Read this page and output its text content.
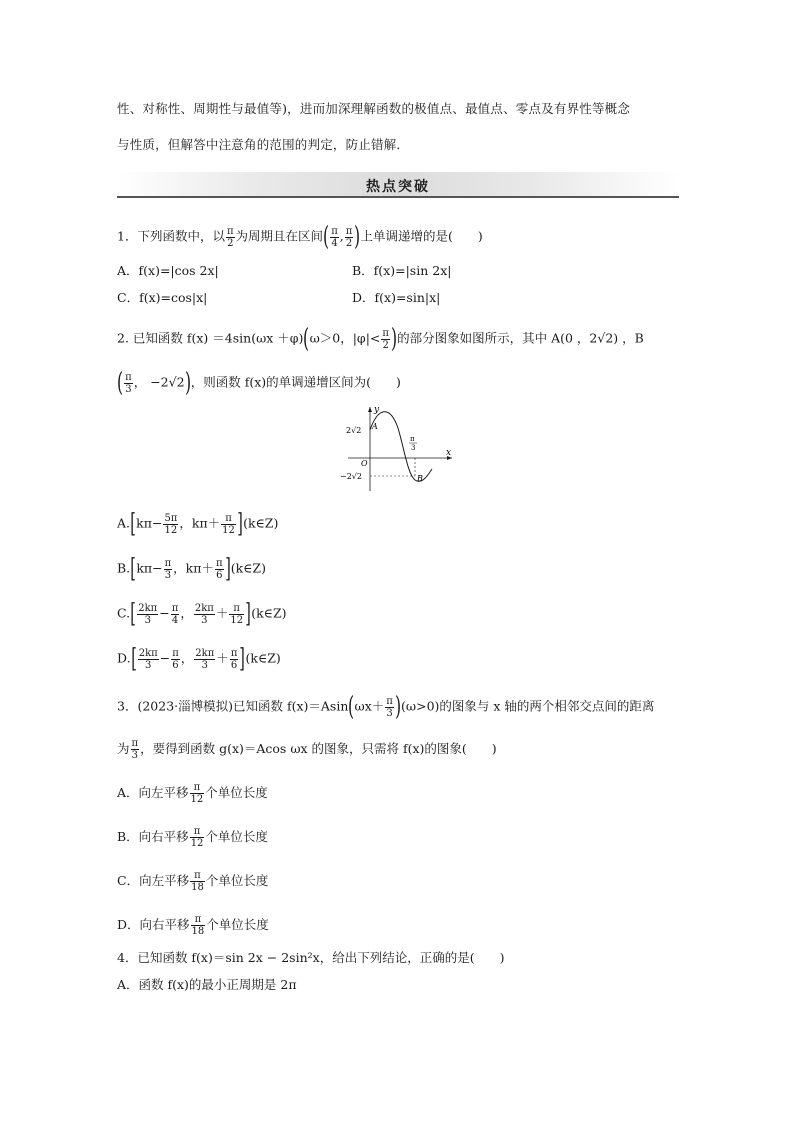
性、对称性、周期性与最值等)，进而加深理解函数的极值点、最值点、零点及有界性等概念
与性质，但解答中注意角的范围的判定，防止错解．
热点突破
1．下列函数中，以 $\frac{\pi}{2}$ 为周期且在区间( $\frac{\pi}{4}$ , $\frac{\pi}{2}$ )上单调递增的是(　　)
A．f(x)=|cos 2x|	B．f(x)=|sin 2x|
C．f(x)=cos|x|	D．f(x)=sin|x|
2. 已知函数 f(x) ＝4sin(ωx ＋φ)(ω＞0，$|\varphi|< \frac{\pi}{2}$ )的部分图象如图所示，其中 A(0 ，2√2) ，B
( $\frac{\pi}{3}$ ， −2√2)，则函数 f(x)的单调递增区间为(　　)
y
x
O
2√2
−2√2
A
B
π
3
$A.[k\pi- \frac{5\pi}{12}$ ，$k\pi+ \frac{\pi}{12}$ ](k∈Z)
$B.[k\pi- \frac{\pi}{3}$ ，$k\pi+ \frac{\pi}{6}$ ](k∈Z)
$C.[ \frac{2k\pi}{3} - \frac{\pi}{4}$ ， $\frac{2k\pi}{3} + \frac{\pi}{12}$ ](k∈Z)
$D.[ \frac{2k\pi}{3} - \frac{\pi}{6}$ ， $\frac{2k\pi}{3} + \frac{\pi}{6}$ ](k∈Z)
3．(2023·淄博模拟)已知函数 $f(x)=Asin(\omega x+ \frac{\pi}{3} )(\omega>0)$的图象与 x 轴的两个相邻交点间的距离
为 $\frac{\pi}{3}$ ，要得到函数 g(x)＝Acos ωx 的图象，只需将 f(x)的图象(　　)
A．向左平移 $\frac{\pi}{12}$ 个单位长度
B．向右平移 $\frac{\pi}{12}$ 个单位长度
C．向左平移 $\frac{\pi}{18}$ 个单位长度
D．向右平移 $\frac{\pi}{18}$ 个单位长度
4．已知函数 f(x)＝sin 2x − 2sin²x，给出下列结论，正确的是(　　)
A．函数 f(x)的最小正周期是 2π
